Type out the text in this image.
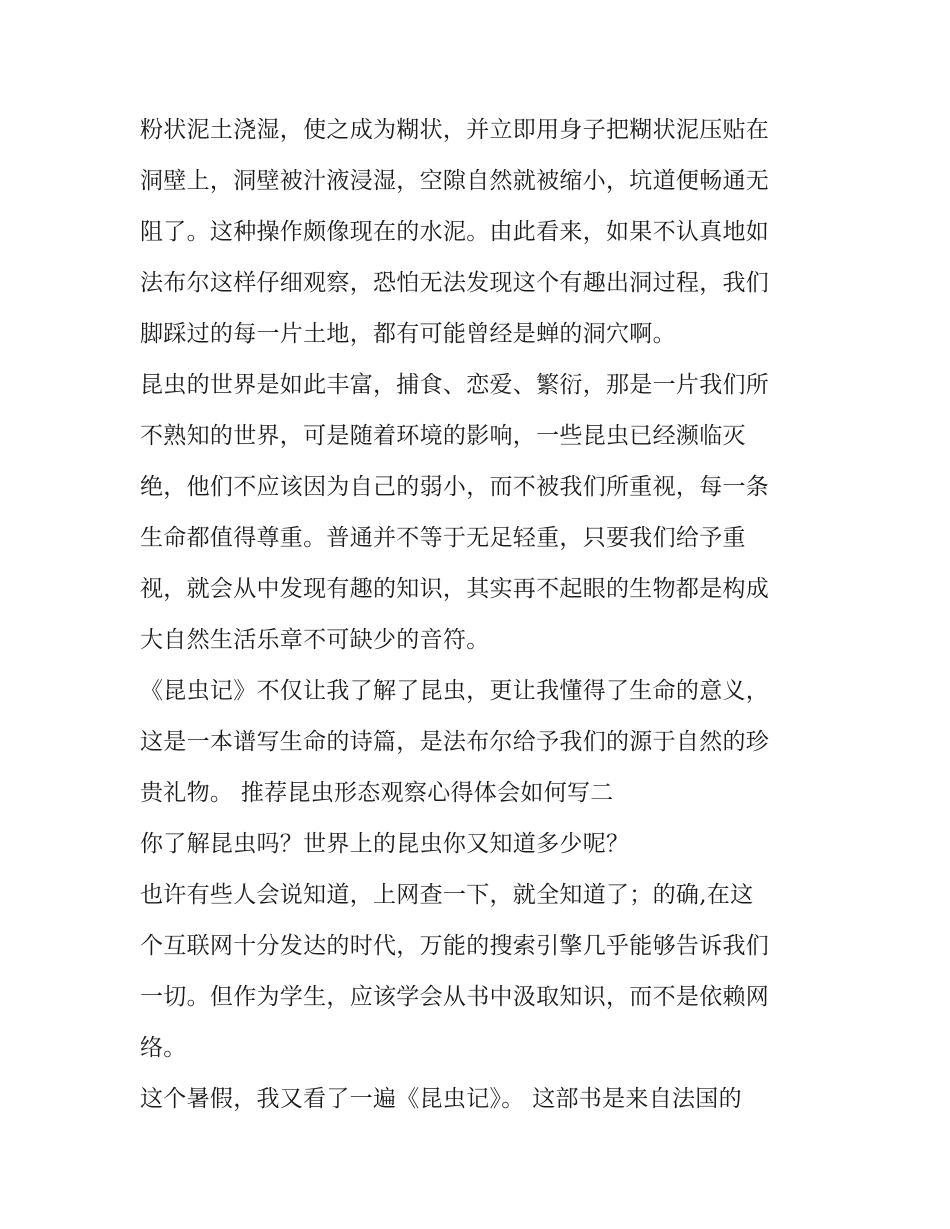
粉状泥土浇湿，使之成为糊状，并立即用身子把糊状泥压贴在
洞壁上，洞壁被汁液浸湿，空隙自然就被缩小，坑道便畅通无
阻了。这种操作颇像现在的水泥。由此看来，如果不认真地如
法布尔这样仔细观察，恐怕无法发现这个有趣出洞过程，我们
脚踩过的每一片土地，都有可能曾经是蝉的洞穴啊。
昆虫的世界是如此丰富，捕食、恋爱、繁衍，那是一片我们所
不熟知的世界，可是随着环境的影响，一些昆虫已经濒临灭
绝，他们不应该因为自己的弱小，而不被我们所重视，每一条
生命都值得尊重。普通并不等于无足轻重，只要我们给予重
视，就会从中发现有趣的知识，其实再不起眼的生物都是构成
大自然生活乐章不可缺少的音符。
《昆虫记》不仅让我了解了昆虫，更让我懂得了生命的意义，
这是一本谱写生命的诗篇，是法布尔给予我们的源于自然的珍
贵礼物。 推荐昆虫形态观察心得体会如何写二
你了解昆虫吗？世界上的昆虫你又知道多少呢？
也许有些人会说知道，上网查一下，就全知道了；的确,在这
个互联网十分发达的时代，万能的搜索引擎几乎能够告诉我们
一切。但作为学生，应该学会从书中汲取知识，而不是依赖网
络。
这个暑假，我又看了一遍《昆虫记》。 这部书是来自法国的
